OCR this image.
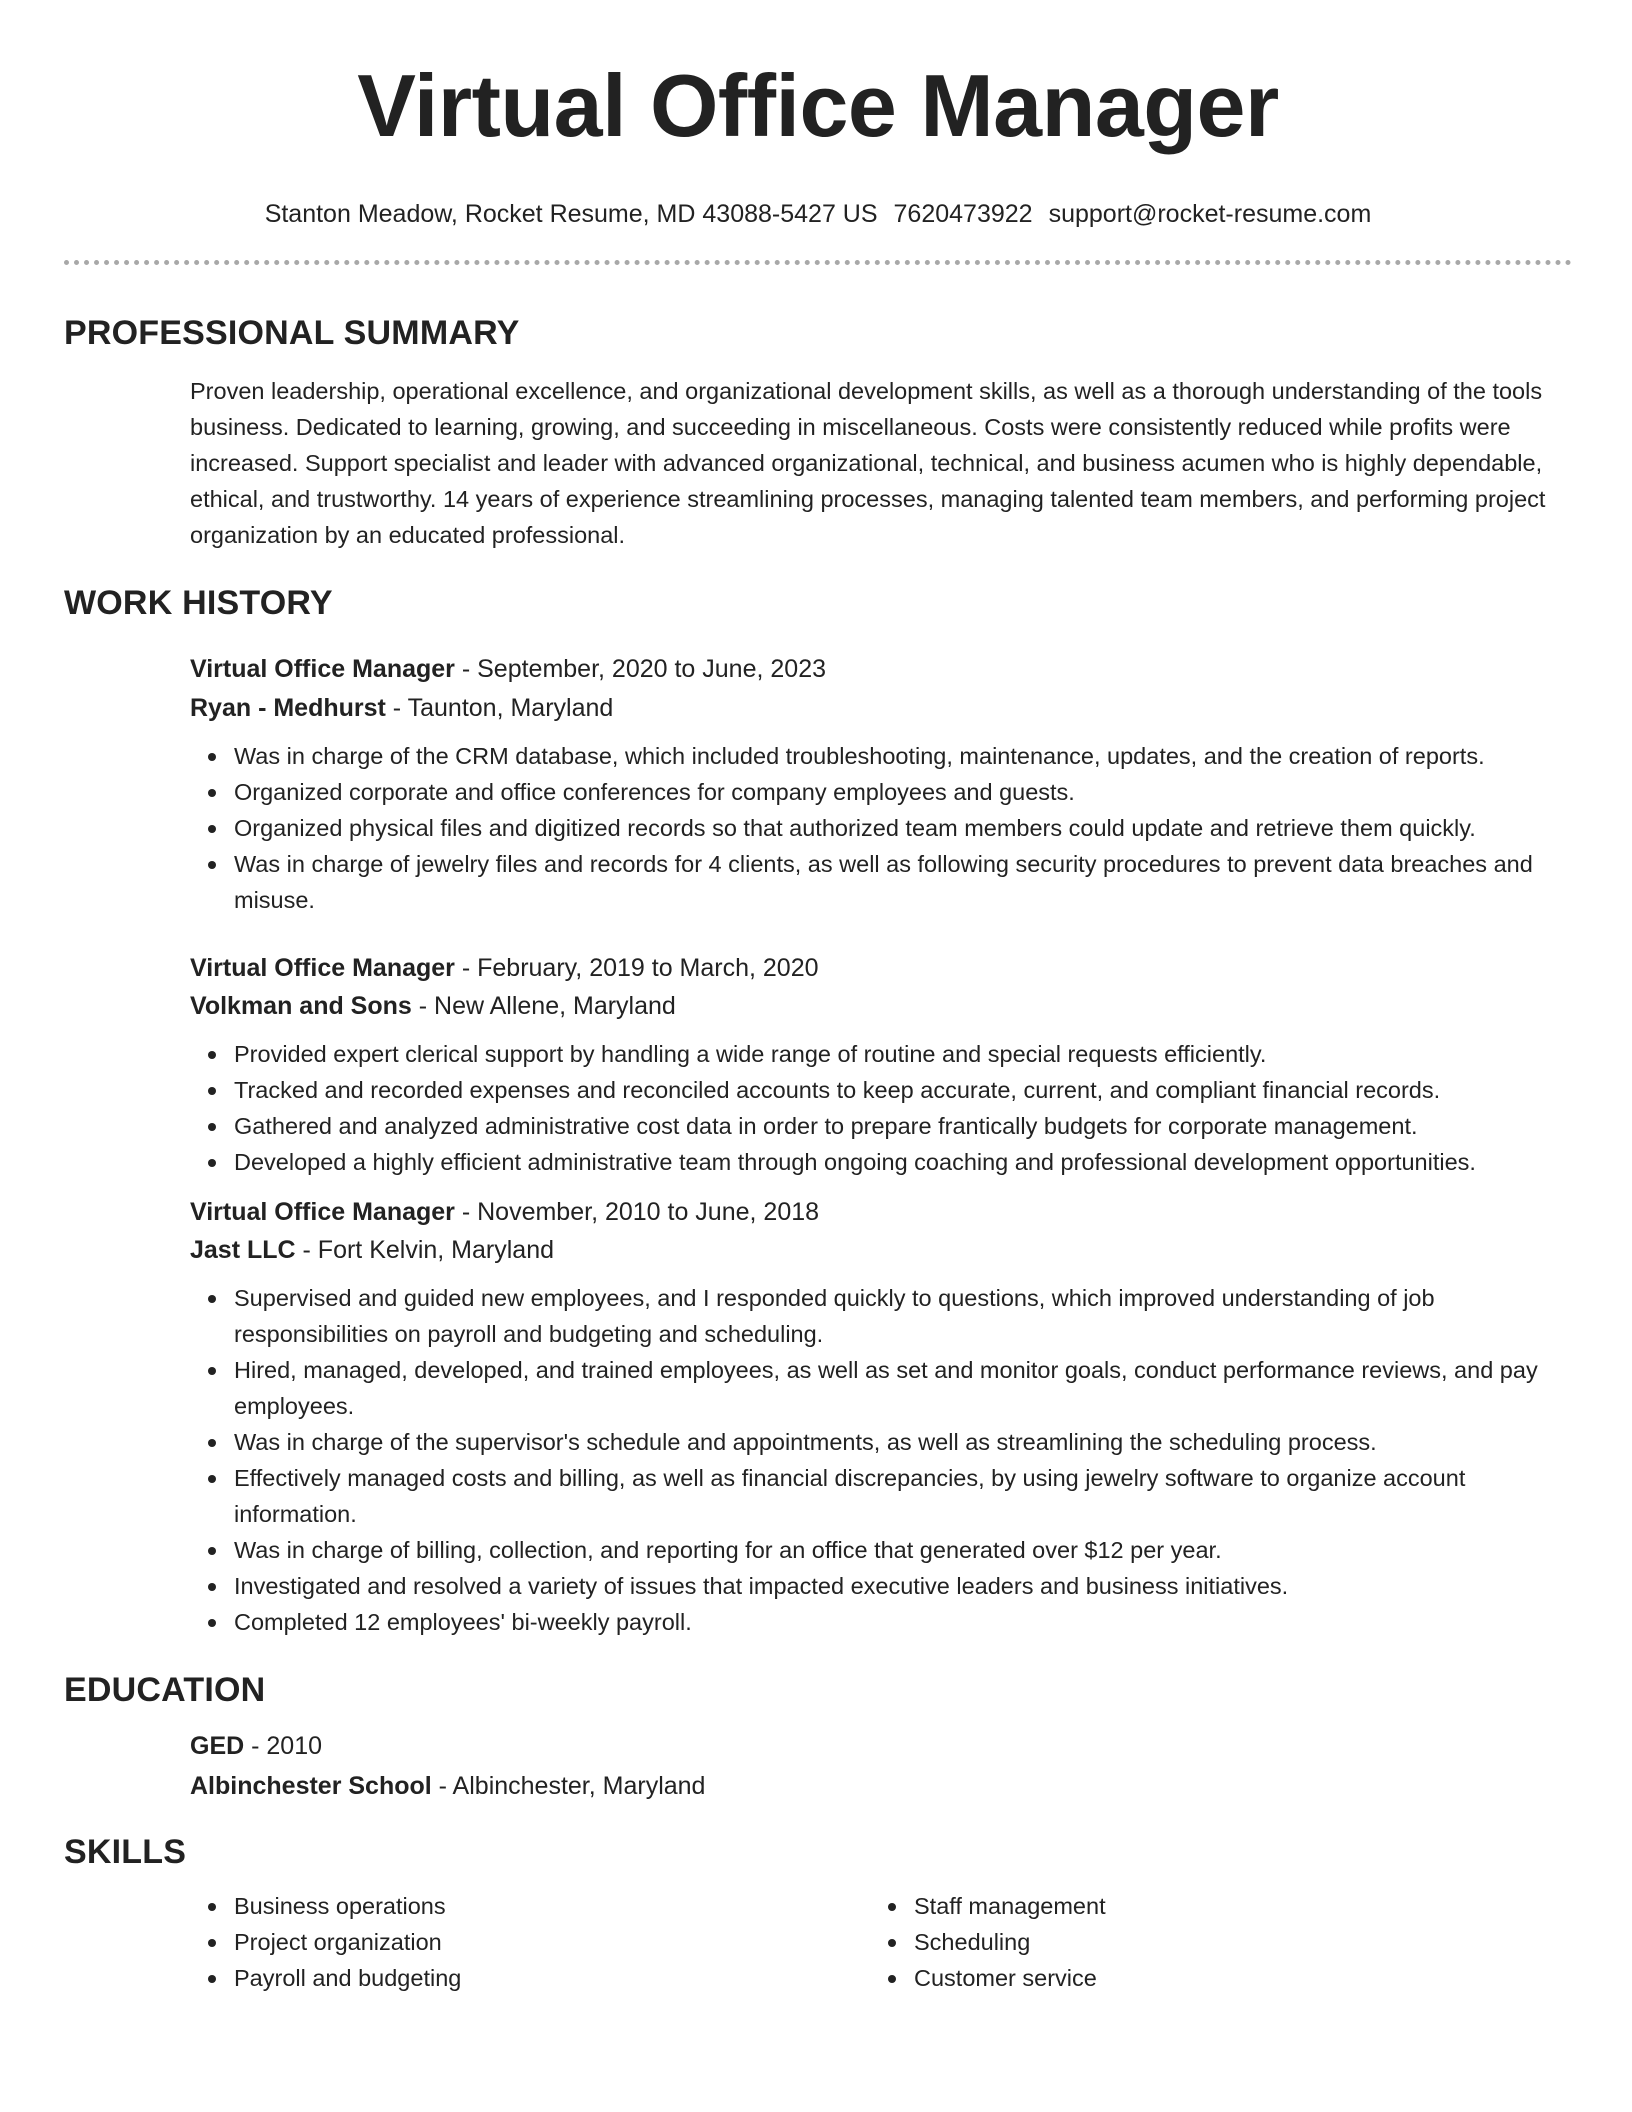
Virtual Office Manager
Stanton Meadow, Rocket Resume, MD 43088-5427 US 7620473922 support@rocket-resume.com
PROFESSIONAL SUMMARY

Proven leadership, operational excellence, and organizational development skills, as well as a thorough understanding of the tools business. Dedicated to learning, growing, and succeeding in miscellaneous. Costs were consistently reduced while profits were increased. Support specialist and leader with advanced organizational, technical, and business acumen who is highly dependable, ethical, and trustworthy. 14 years of experience streamlining processes, managing talented team members, and performing project organization by an educated professional.

WORK HISTORY
Virtual Office Manager - September, 2020 to June, 2023
Ryan - Medhurst - Taunton, Maryland
Was in charge of the CRM database, which included troubleshooting, maintenance, updates, and the creation of reports.
Organized corporate and office conferences for company employees and guests.
Organized physical files and digitized records so that authorized team members could update and retrieve them quickly.
Was in charge of jewelry files and records for 4 clients, as well as following security procedures to prevent data breaches and misuse.
Virtual Office Manager - February, 2019 to March, 2020
Volkman and Sons - New Allene, Maryland
Provided expert clerical support by handling a wide range of routine and special requests efficiently.
Tracked and recorded expenses and reconciled accounts to keep accurate, current, and compliant financial records.
Gathered and analyzed administrative cost data in order to prepare frantically budgets for corporate management.
Developed a highly efficient administrative team through ongoing coaching and professional development opportunities.
Virtual Office Manager - November, 2010 to June, 2018
Jast LLC - Fort Kelvin, Maryland
Supervised and guided new employees, and I responded quickly to questions, which improved understanding of job responsibilities on payroll and budgeting and scheduling.
Hired, managed, developed, and trained employees, as well as set and monitor goals, conduct performance reviews, and pay employees.
Was in charge of the supervisor's schedule and appointments, as well as streamlining the scheduling process.
Effectively managed costs and billing, as well as financial discrepancies, by using jewelry software to organize account information.
Was in charge of billing, collection, and reporting for an office that generated over $12 per year.
Investigated and resolved a variety of issues that impacted executive leaders and business initiatives.
Completed 12 employees' bi-weekly payroll.
EDUCATION
GED - 2010
Albinchester School - Albinchester, Maryland
SKILLS
Business operations
Project organization
Payroll and budgeting
Staff management
Scheduling
Customer service
